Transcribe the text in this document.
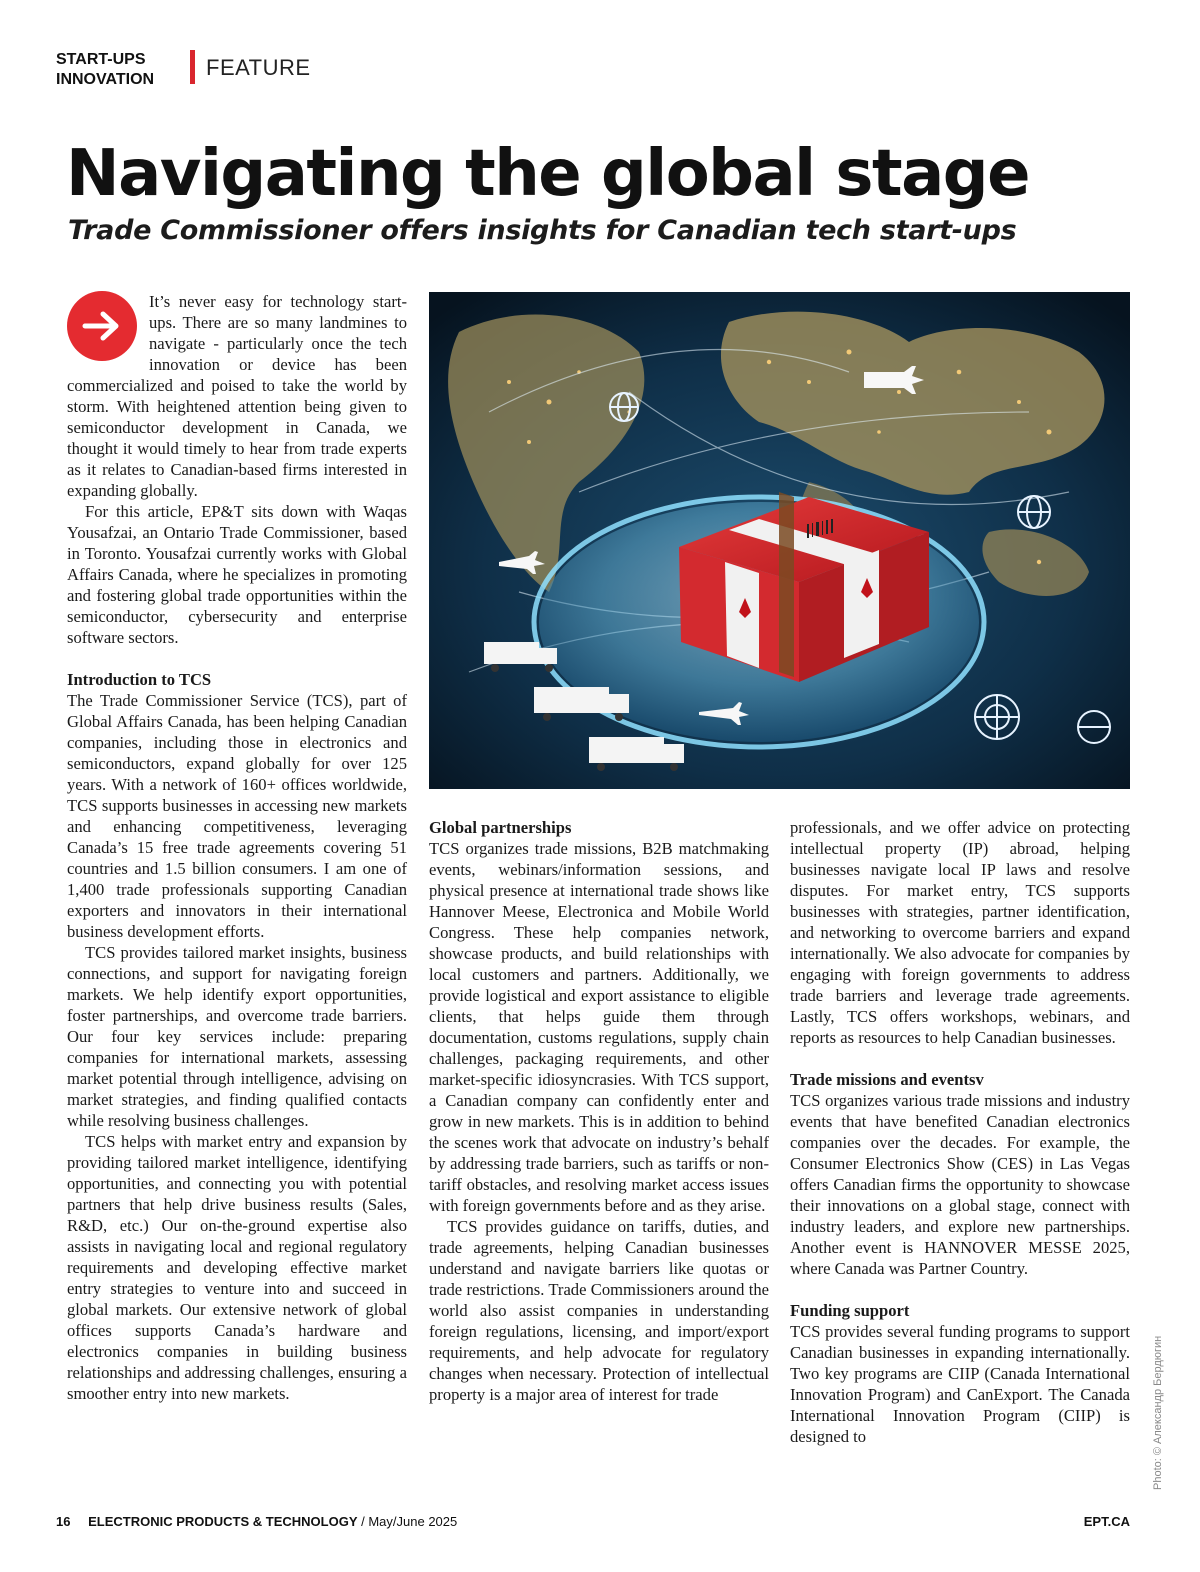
START-UPS
INNOVATION FEATURE
Navigating the global stage
Trade Commissioner offers insights for Canadian tech start-ups

It’s never easy for technology start-ups. There are so many landmines to navigate - particularly once the tech innovation or device has been commercialized and poised to take the world by storm. With heightened attention being given to semiconductor development in Canada, we thought it would timely to hear from trade experts as it relates to Canadian-based firms interested in expanding globally.

For this article, EP&T sits down with Waqas Yousafzai, an Ontario Trade Commissioner, based in Toronto. Yousafzai currently works with Global Affairs Canada, where he specializes in promoting and fostering global trade opportunities within the semiconductor, cybersecurity and enterprise software sectors.

Introduction to TCS

The Trade Commissioner Service (TCS), part of Global Affairs Canada, has been helping Canadian companies, including those in electronics and semiconductors, expand globally for over 125 years. With a network of 160+ offices worldwide, TCS supports businesses in accessing new markets and enhancing competitiveness, leveraging Canada’s 15 free trade agreements covering 51 countries and 1.5 billion consumers. I am one of 1,400 trade professionals supporting Canadian exporters and innovators in their international business development efforts.

TCS provides tailored market insights, business connections, and support for navigating foreign markets. We help identify export opportunities, foster partnerships, and overcome trade barriers. Our four key services include: preparing companies for international markets, assessing market potential through intelligence, advising on market strategies, and finding qualified contacts while resolving business challenges.

TCS helps with market entry and expansion by providing tailored market intelligence, identifying opportunities, and connecting you with potential partners that help drive business results (Sales, R&D, etc.) Our on-the-ground expertise also assists in navigating local and regional regulatory requirements and developing effective market entry strategies to venture into and succeed in global markets. Our extensive network of global offices supports Canada’s hardware and electronics companies in building business relationships and addressing challenges, ensuring a smoother entry into new markets.

Global partnerships

TCS organizes trade missions, B2B matchmaking events, webinars/information sessions, and physical presence at international trade shows like Hannover Meese, Electronica and Mobile World Congress. These help companies network, showcase products, and build relationships with local customers and partners. Additionally, we provide logistical and export assistance to eligible clients, that helps guide them through documentation, customs regulations, supply chain challenges, packaging requirements, and other market-specific idiosyncrasies. With TCS support, a Canadian company can confidently enter and grow in new markets. This is in addition to behind the scenes work that advocate on industry’s behalf by addressing trade barriers, such as tariffs or non-tariff obstacles, and resolving market access issues with foreign governments before and as they arise.

TCS provides guidance on tariffs, duties, and trade agreements, helping Canadian businesses understand and navigate barriers like quotas or trade restrictions. Trade Commissioners around the world also assist companies in understanding foreign regulations, licensing, and import/export requirements, and help advocate for regulatory changes when necessary. Protection of intellectual property is a major area of interest for trade

professionals, and we offer advice on protecting intellectual property (IP) abroad, helping businesses navigate local IP laws and resolve disputes. For market entry, TCS supports businesses with strategies, partner identification, and networking to overcome barriers and expand internationally. We also advocate for companies by engaging with foreign governments to address trade barriers and leverage trade agreements. Lastly, TCS offers workshops, webinars, and reports as resources to help Canadian businesses.

Trade missions and eventsv

TCS organizes various trade missions and industry events that have benefited Canadian electronics companies over the decades. For example, the Consumer Electronics Show (CES) in Las Vegas offers Canadian firms the opportunity to showcase their innovations on a global stage, connect with industry leaders, and explore new partnerships. Another event is HANNOVER MESSE 2025, where Canada was Partner Country.

Funding support

TCS provides several funding programs to support Canadian businesses in expanding internationally. Two key programs are CIIP (Canada International Innovation Program) and CanExport. The Canada International Innovation Program (CIIP) is designed to	Photo: © Александр Бердюгин
16 ELECTRONIC PRODUCTS & TECHNOLOGY / May/June 2025	EPT.CA
